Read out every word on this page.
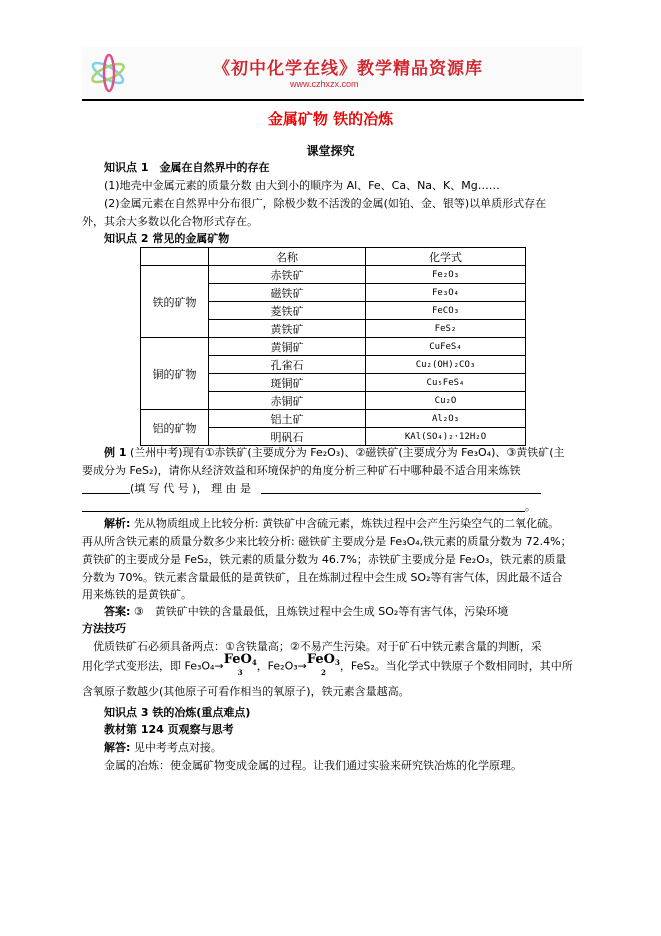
《初中化学在线》教学精品资源库
www.czhxzx.com
金属矿物 铁的冶炼
课堂探究
知识点 1　金属在自然界中的存在
(1)地壳中金属元素的质量分数 由大到小的顺序为 Al、Fe、Ca、Na、K、Mg……
(2)金属元素在自然界中分布很广，除极少数不活泼的金属(如铂、金、银等)以单质形式存在
外，其余大多数以化合物形式存在。
知识点 2 常见的金属矿物
	名称	化学式
铁的矿物	赤铁矿	Fe₂O₃
	磁铁矿	Fe₃O₄
	菱铁矿	FeCO₃
	黄铁矿	FeS₂
铜的矿物	黄铜矿	CuFeS₄
	孔雀石	Cu₂(OH)₂CO₃
	斑铜矿	Cu₅FeS₄
	赤铜矿	Cu₂O
铝的矿物	铝土矿	Al₂O₃
	明矾石	KAl(SO₄)₂·12H₂O
例 1 (兰州中考)现有①赤铁矿(主要成分为 Fe₂O₃)、②磁铁矿(主要成分为 Fe₃O₄)、③黄铁矿(主
要成分为 FeS₂)，请你从经济效益和环境保护的角度分析三种矿石中哪种最不适合用来炼铁
(填 写 代 号 )， 理 由 是
。
解析: 先从物质组成上比较分析: 黄铁矿中含硫元素，炼铁过程中会产生污染空气的二氧化硫。
再从所含铁元素的质量分数多少来比较分析: 磁铁矿主要成分是 Fe₃O₄,铁元素的质量分数为 72.4%；
黄铁矿的主要成分是 FeS₂，铁元素的质量分数为 46.7%；赤铁矿主要成分是 Fe₂O₃，铁元素的质量
分数为 70%。铁元素含量最低的是黄铁矿，且在炼制过程中会生成 SO₂等有害气体，因此最不适合
用来炼铁的是黄铁矿。
答案: ③　黄铁矿中铁的含量最低，且炼铁过程中会生成 SO₂等有害气体，污染环境
方法技巧
优质铁矿石必须具备两点：①含铁量高；②不易产生污染。对于矿石中铁元素含量的判断，采
用化学式变形法，即 Fe₃O₄→FeO$_4$
3	，Fe₂O₃→FeO$_3$
2	，FeS₂。当化学式中铁原子个数相同时，其中所
含氧原子数越少(其他原子可看作相当的氧原子)，铁元素含量越高。
知识点 3 铁的冶炼(重点难点)
教材第 124 页观察与思考
解答: 见中考考点对接。
金属的冶炼：使金属矿物变成金属的过程。让我们通过实验来研究铁冶炼的化学原理。
